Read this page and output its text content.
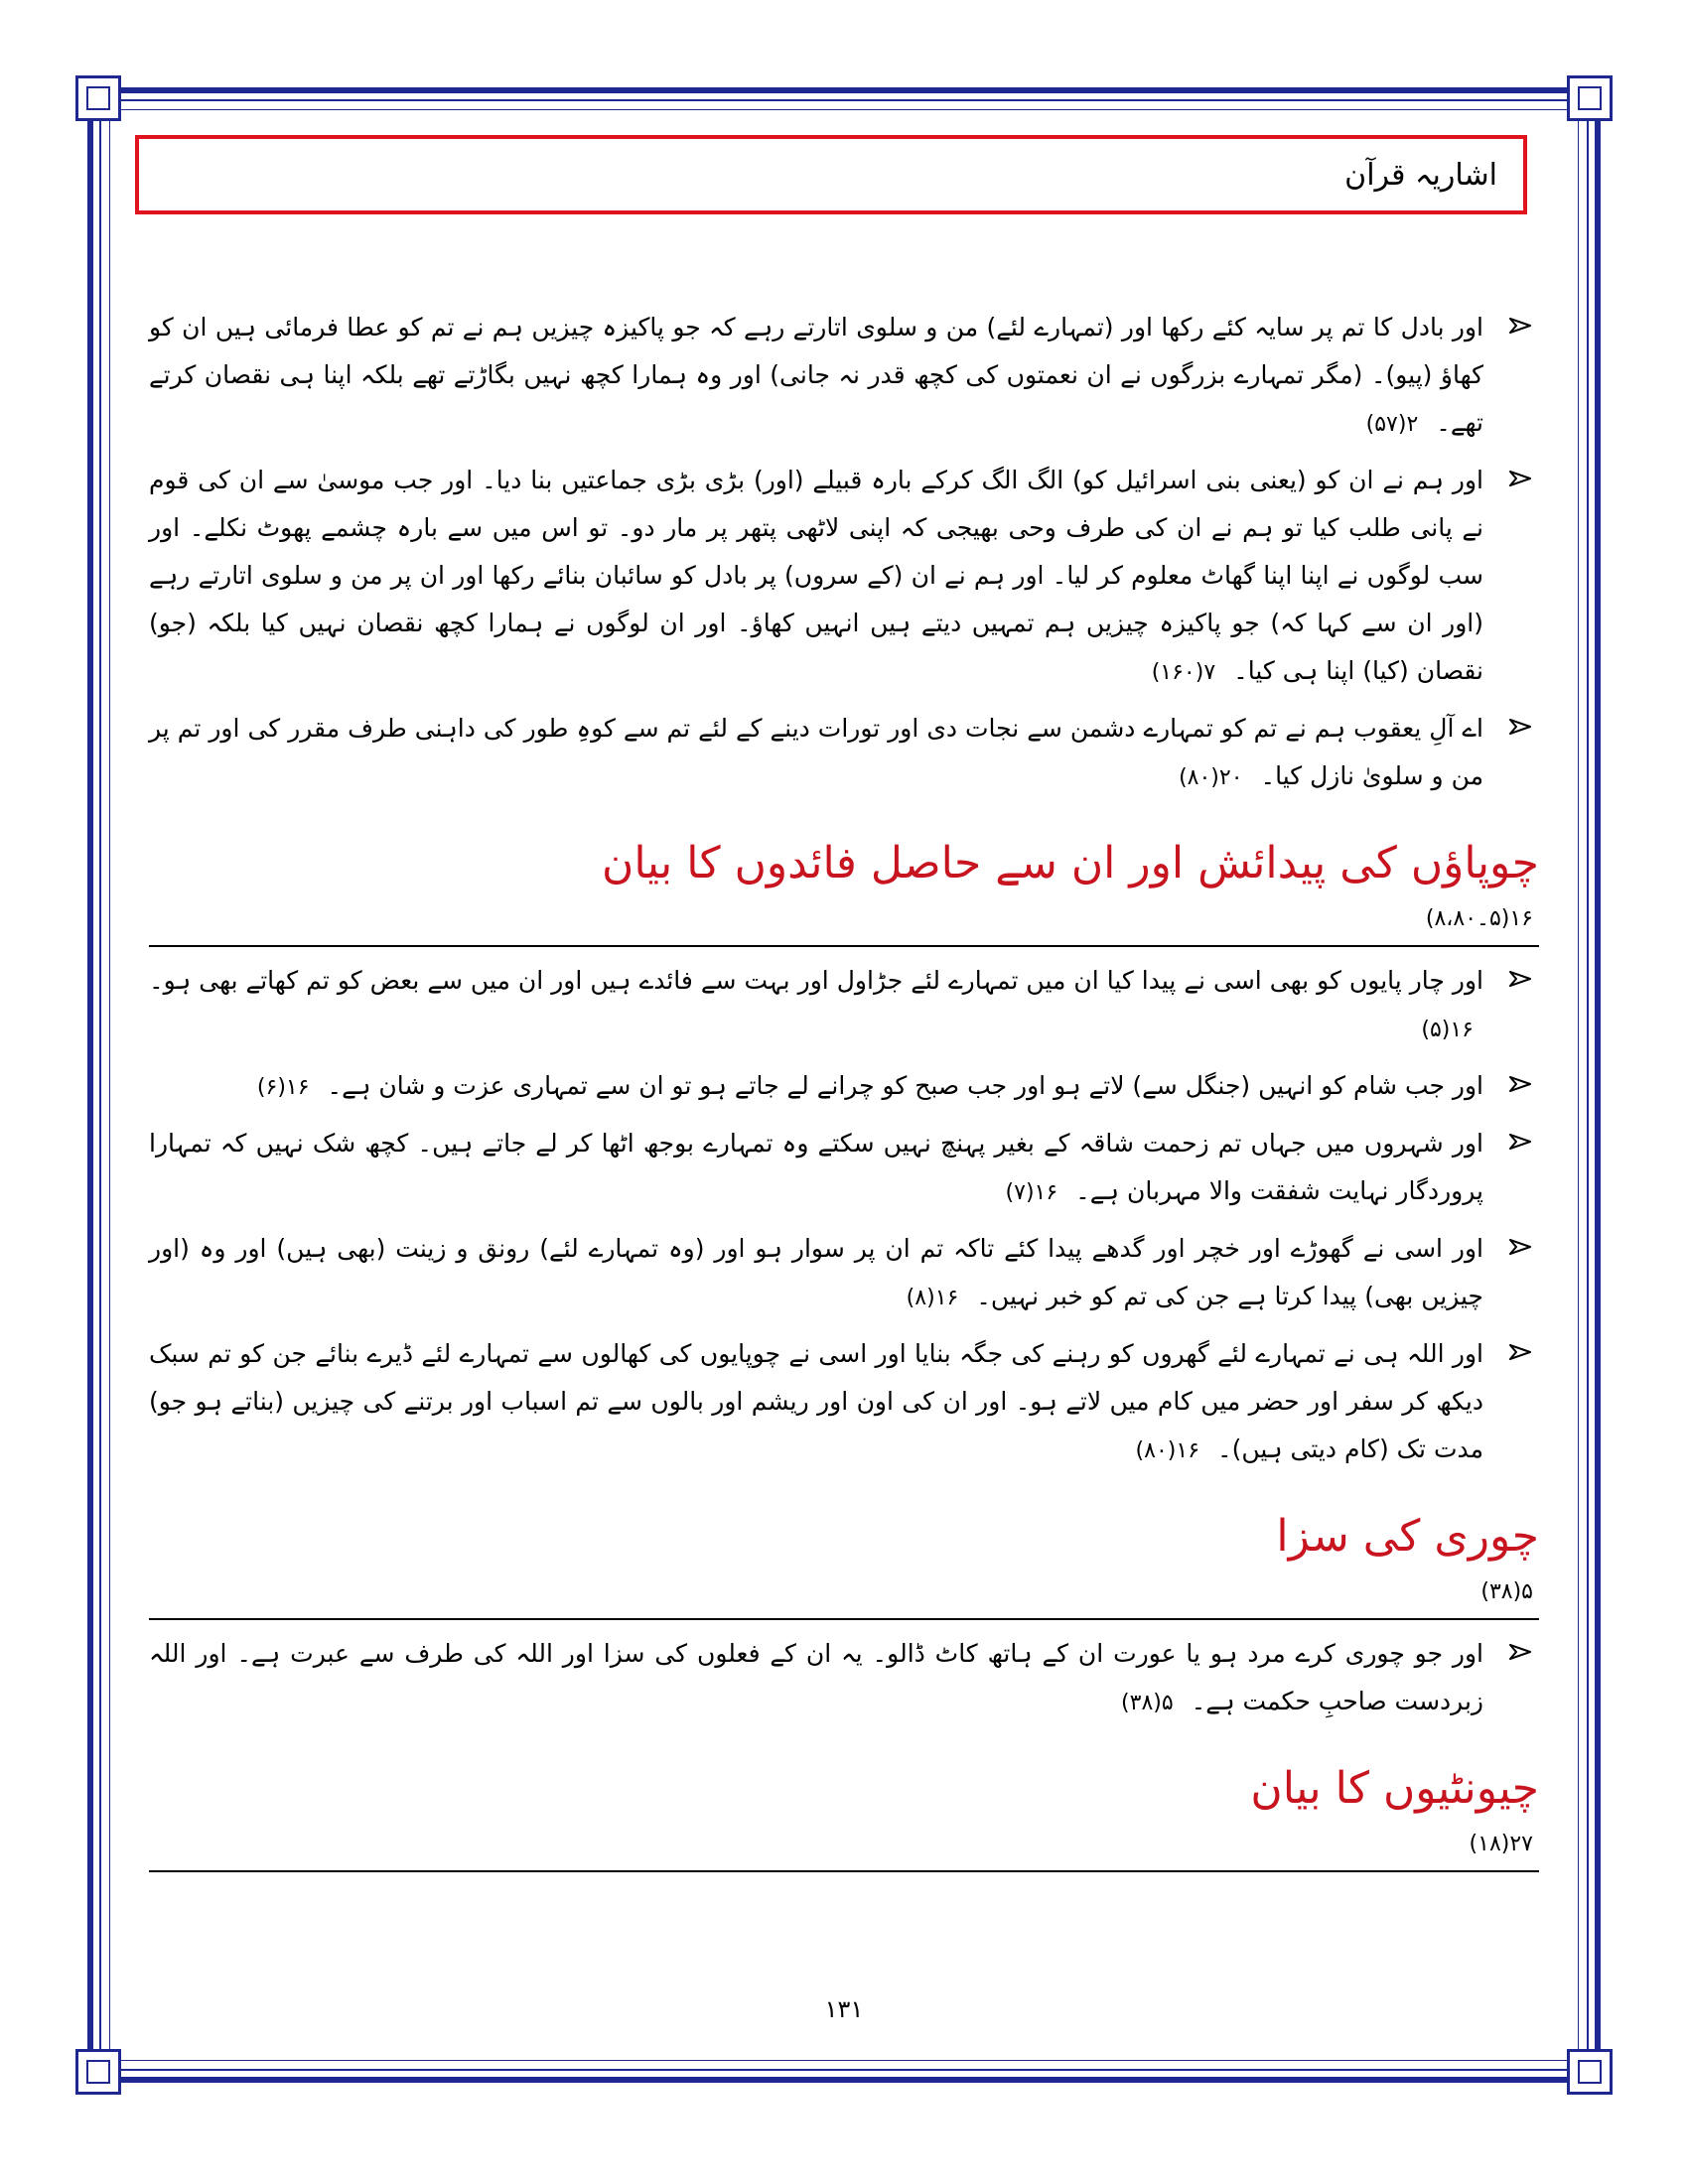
اشاریہ قرآن

اور بادل کا تم پر سایہ کئے رکھا اور (تمہارے لئے) من و سلوی اتارتے رہے کہ جو پاکیزہ چیزیں ہم نے تم کو عطا فرمائی ہیں ان کو کھاؤ (پیو)۔ (مگر تمہارے بزرگوں نے ان نعمتوں کی کچھ قدر نہ جانی) اور وہ ہمارا کچھ نہیں بگاڑتے تھے بلکہ اپنا ہی نقصان کرتے تھے۔ ۲(۵۷)

اور ہم نے ان کو (یعنی بنی اسرائیل کو) الگ الگ کرکے بارہ قبیلے (اور) بڑی بڑی جماعتیں بنا دیا۔ اور جب موسیٰ سے ان کی قوم نے پانی طلب کیا تو ہم نے ان کی طرف وحی بھیجی کہ اپنی لاٹھی پتھر پر مار دو۔ تو اس میں سے بارہ چشمے پھوٹ نکلے۔ اور سب لوگوں نے اپنا اپنا گھاٹ معلوم کر لیا۔ اور ہم نے ان (کے سروں) پر بادل کو سائبان بنائے رکھا اور ان پر من و سلوی اتارتے رہے (اور ان سے کہا کہ) جو پاکیزہ چیزیں ہم تمہیں دیتے ہیں انہیں کھاؤ۔ اور ان لوگوں نے ہمارا کچھ نقصان نہیں کیا بلکہ (جو) نقصان (کیا) اپنا ہی کیا۔ ۷(۱۶۰)

اے آلِ یعقوب ہم نے تم کو تمہارے دشمن سے نجات دی اور تورات دینے کے لئے تم سے کوہِ طور کی داہنی طرف مقرر کی اور تم پر من و سلویٰ نازل کیا۔ ۲۰(۸۰)

چوپاؤں کی پیدائش اور ان سے حاصل فائدوں کا بیان
۱۶(۵۔۸،۸۰)

اور چار پایوں کو بھی اسی نے پیدا کیا ان میں تمہارے لئے جڑاول اور بہت سے فائدے ہیں اور ان میں سے بعض کو تم کھاتے بھی ہو۔ ۱۶(۵)

اور جب شام کو انہیں (جنگل سے) لاتے ہو اور جب صبح کو چرانے لے جاتے ہو تو ان سے تمہاری عزت و شان ہے۔ ۱۶(۶)

اور شہروں میں جہاں تم زحمت شاقہ کے بغیر پہنچ نہیں سکتے وہ تمہارے بوجھ اٹھا کر لے جاتے ہیں۔ کچھ شک نہیں کہ تمہارا پروردگار نہایت شفقت والا مہربان ہے۔ ۱۶(۷)

اور اسی نے گھوڑے اور خچر اور گدھے پیدا کئے تاکہ تم ان پر سوار ہو اور (وہ تمہارے لئے) رونق و زینت (بھی ہیں) اور وہ (اور چیزیں بھی) پیدا کرتا ہے جن کی تم کو خبر نہیں۔ ۱۶(۸)

اور اللہ ہی نے تمہارے لئے گھروں کو رہنے کی جگہ بنایا اور اسی نے چوپایوں کی کھالوں سے تمہارے لئے ڈیرے بنائے جن کو تم سبک دیکھ کر سفر اور حضر میں کام میں لاتے ہو۔ اور ان کی اون اور ریشم اور بالوں سے تم اسباب اور برتنے کی چیزیں (بناتے ہو جو) مدت تک (کام دیتی ہیں)۔ ۱۶(۸۰)

چوری کی سزا
۵(۳۸)

اور جو چوری کرے مرد ہو یا عورت ان کے ہاتھ کاٹ ڈالو۔ یہ ان کے فعلوں کی سزا اور اللہ کی طرف سے عبرت ہے۔ اور اللہ زبردست صاحبِ حکمت ہے۔ ۵(۳۸)

چیونٹیوں کا بیان
۲۷(۱۸)
۱۳۱
